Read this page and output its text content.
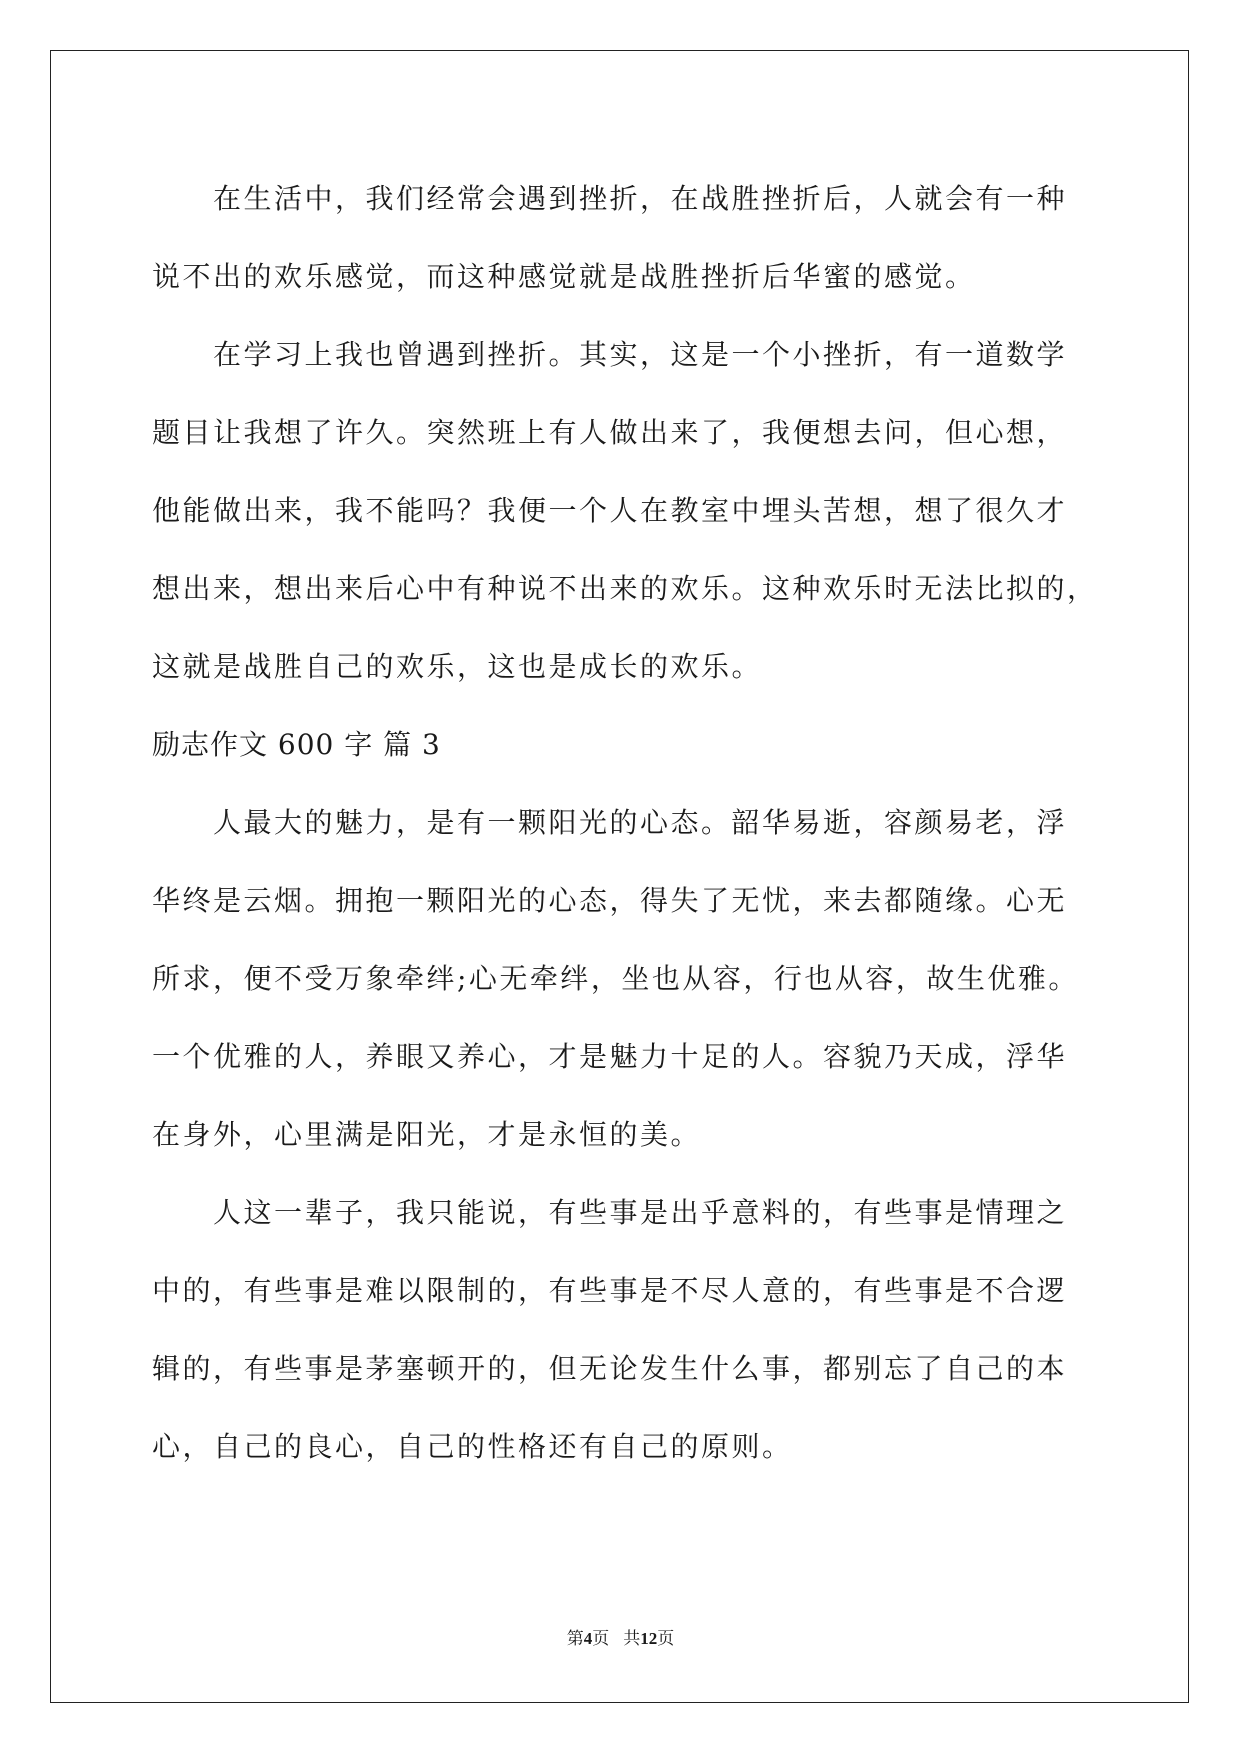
　　在生活中，我们经常会遇到挫折，在战胜挫折后，人就会有一种
说不出的欢乐感觉，而这种感觉就是战胜挫折后华蜜的感觉。

　　在学习上我也曾遇到挫折。其实，这是一个小挫折，有一道数学
题目让我想了许久。突然班上有人做出来了，我便想去问，但心想，
他能做出来，我不能吗？我便一个人在教室中埋头苦想，想了很久才
想出来，想出来后心中有种说不出来的欢乐。这种欢乐时无法比拟的，
这就是战胜自己的欢乐，这也是成长的欢乐。

励志作文 600 字 篇 3

　　人最大的魅力，是有一颗阳光的心态。韶华易逝，容颜易老，浮
华终是云烟。拥抱一颗阳光的心态，得失了无忧，来去都随缘。心无
所求，便不受万象牵绊;心无牵绊，坐也从容，行也从容，故生优雅。
一个优雅的人，养眼又养心，才是魅力十足的人。容貌乃天成，浮华
在身外，心里满是阳光，才是永恒的美。

　　人这一辈子，我只能说，有些事是出乎意料的，有些事是情理之
中的，有些事是难以限制的，有些事是不尽人意的，有些事是不合逻
辑的，有些事是茅塞顿开的，但无论发生什么事，都别忘了自己的本
心，自己的良心，自己的性格还有自己的原则。

第4页 共12页
